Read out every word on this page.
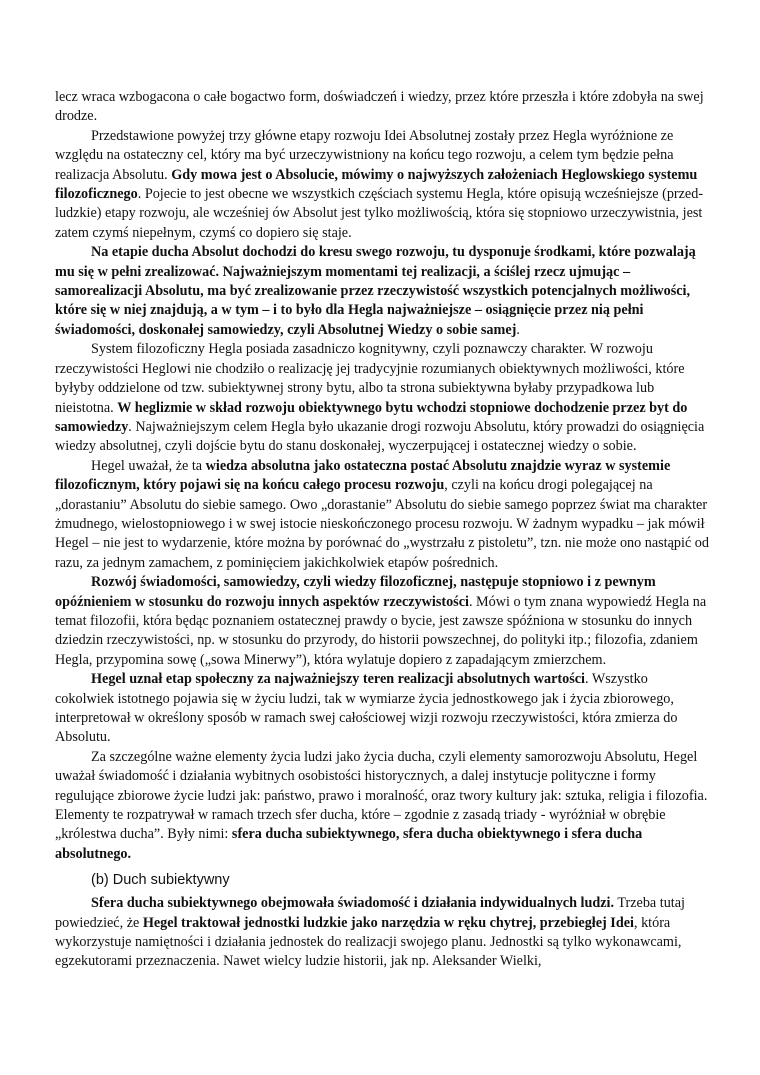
lecz wraca wzbogacona o całe bogactwo form, doświadczeń i wiedzy, przez które przeszła i które zdobyła na swej drodze.

Przedstawione powyżej trzy główne etapy rozwoju Idei Absolutnej zostały przez Hegla wyróżnione ze względu na ostateczny cel, który ma być urzeczywistniony na końcu tego rozwoju, a celem tym będzie pełna realizacja Absolutu. Gdy mowa jest o Absolucie, mówimy o najwyższych założeniach Heglowskiego systemu filozoficznego. Pojecie to jest obecne we wszystkich częściach systemu Hegla, które opisują wcześniejsze (przed-ludzkie) etapy rozwoju, ale wcześniej ów Absolut jest tylko możliwością, która się stopniowo urzeczywistnia, jest zatem czymś niepełnym, czymś co dopiero się staje.

Na etapie ducha Absolut dochodzi do kresu swego rozwoju, tu dysponuje środkami, które pozwalają mu się w pełni zrealizować. Najważniejszym momentami tej realizacji, a ściślej rzecz ujmując – samorealizacji Absolutu, ma być zrealizowanie przez rzeczywistość wszystkich potencjalnych możliwości, które się w niej znajdują, a w tym – i to było dla Hegla najważniejsze – osiągnięcie przez nią pełni świadomości, doskonałej samowiedzy, czyli Absolutnej Wiedzy o sobie samej.

System filozoficzny Hegla posiada zasadniczo kognitywny, czyli poznawczy charakter. W rozwoju rzeczywistości Heglowi nie chodziło o realizację jej tradycyjnie rozumianych obiektywnych możliwości, które byłyby oddzielone od tzw. subiektywnej strony bytu, albo ta strona subiektywna byłaby przypadkowa lub nieistotna. W heglizmie w skład rozwoju obiektywnego bytu wchodzi stopniowe dochodzenie przez byt do samowiedzy. Najważniejszym celem Hegla było ukazanie drogi rozwoju Absolutu, który prowadzi do osiągnięcia wiedzy absolutnej, czyli dojście bytu do stanu doskonałej, wyczerpującej i ostatecznej wiedzy o sobie.

Hegel uważał, że ta wiedza absolutna jako ostateczna postać Absolutu znajdzie wyraz w systemie filozoficznym, który pojawi się na końcu całego procesu rozwoju, czyli na końcu drogi polegającej na „dorastaniu” Absolutu do siebie samego. Owo „dorastanie” Absolutu do siebie samego poprzez świat ma charakter żmudnego, wielostopniowego i w swej istocie nieskończonego procesu rozwoju. W żadnym wypadku – jak mówił Hegel – nie jest to wydarzenie, które można by porównać do „wystrzału z pistoletu”, tzn. nie może ono nastąpić od razu, za jednym zamachem, z pominięciem jakichkolwiek etapów pośrednich.

Rozwój świadomości, samowiedzy, czyli wiedzy filozoficznej, następuje stopniowo i z pewnym opóźnieniem w stosunku do rozwoju innych aspektów rzeczywistości. Mówi o tym znana wypowiedź Hegla na temat filozofii, która będąc poznaniem ostatecznej prawdy o bycie, jest zawsze spóźniona w stosunku do innych dziedzin rzeczywistości, np. w stosunku do przyrody, do historii powszechnej, do polityki itp.; filozofia, zdaniem Hegla, przypomina sowę („sowa Minerwy”), która wylatuje dopiero z zapadającym zmierzchem.

Hegel uznał etap społeczny za najważniejszy teren realizacji absolutnych wartości. Wszystko cokolwiek istotnego pojawia się w życiu ludzi, tak w wymiarze życia jednostkowego jak i życia zbiorowego, interpretował w określony sposób w ramach swej całościowej wizji rozwoju rzeczywistości, która zmierza do Absolutu.

Za szczególne ważne elementy życia ludzi jako życia ducha, czyli elementy samorozwoju Absolutu, Hegel uważał świadomość i działania wybitnych osobistości historycznych, a dalej instytucje polityczne i formy regulujące zbiorowe życie ludzi jak: państwo, prawo i moralność, oraz twory kultury jak: sztuka, religia i filozofia. Elementy te rozpatrywał w ramach trzech sfer ducha, które – zgodnie z zasadą triady - wyróżniał w obrębie „królestwa ducha”. Były nimi: sfera ducha subiektywnego, sfera ducha obiektywnego i sfera ducha absolutnego.

(b) Duch subiektywny

Sfera ducha subiektywnego obejmowała świadomość i działania indywidualnych ludzi. Trzeba tutaj powiedzieć, że Hegel traktował jednostki ludzkie jako narzędzia w ręku chytrej, przebiegłej Idei, która wykorzystuje namiętności i działania jednostek do realizacji swojego planu. Jednostki są tylko wykonawcami, egzekutorami przeznaczenia. Nawet wielcy ludzie historii, jak np. Aleksander Wielki,
